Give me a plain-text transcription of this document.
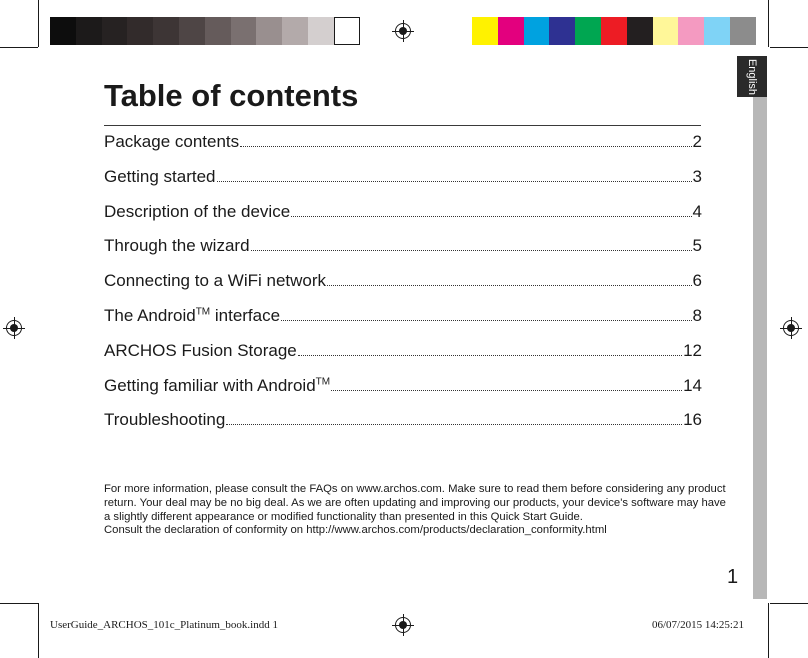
English
Table of contents
Package contents	2
Getting started	3
Description of the device	4
Through the wizard	5
Connecting to a WiFi network	6
The Android™ interface	8
ARCHOS Fusion Storage	12
Getting familiar with Android™	14
Troubleshooting	16
For more information, please consult the FAQs on www.archos.com. Make sure to read them before considering any product return. Your deal may be no big deal. As we are often updating and improving our products, your device's software may have a slightly different appearance or modified functionality than presented in this Quick Start Guide.
Consult the declaration of conformity on http://www.archos.com/products/declaration_conformity.html
1
UserGuide_ARCHOS_101c_Platinum_book.indd 1	06/07/2015 14:25:21
